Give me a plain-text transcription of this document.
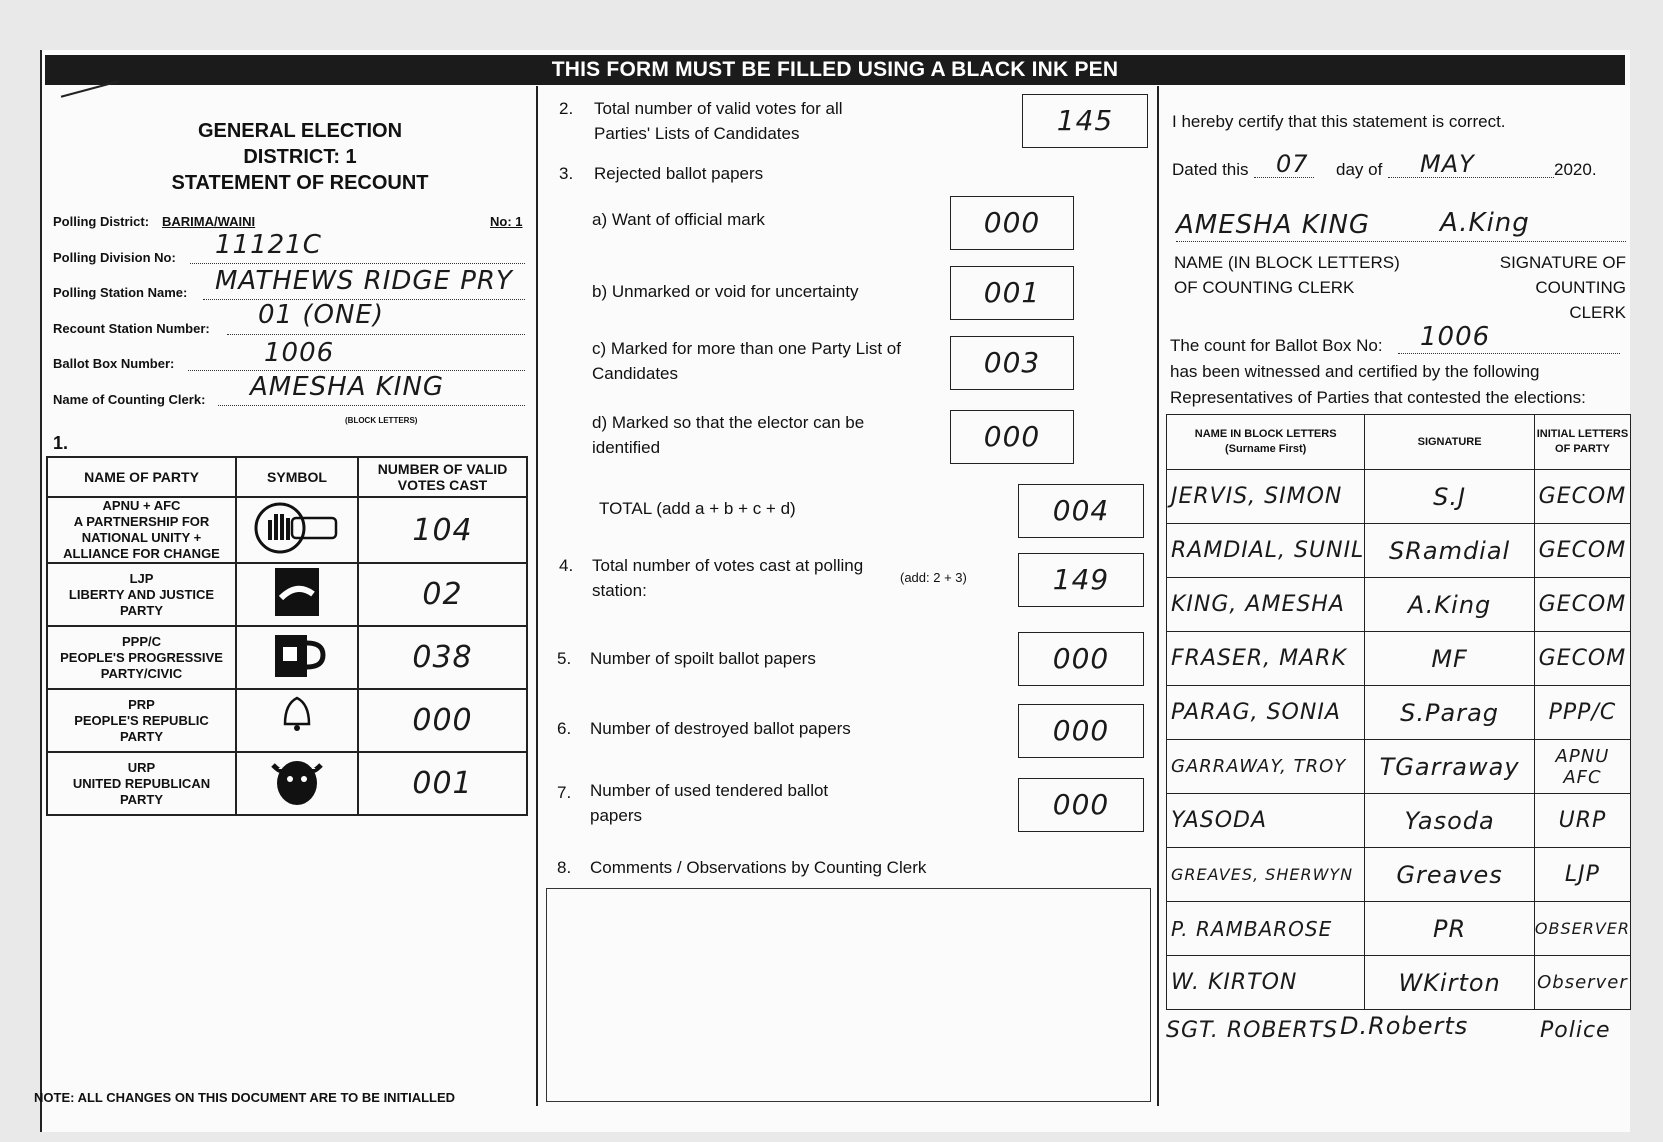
THIS FORM MUST BE FILLED USING A BLACK INK PEN
GENERAL ELECTION
DISTRICT: 1
STATEMENT OF RECOUNT
Polling District: BARIMA/WAINI	No: 1
Polling Division No: 11121C
Polling Station Name: MATHEWS RIDGE PRY
Recount Station Number: 01 (ONE)
Ballot Box Number:	1006
Name of Counting Clerk: AMESHA KING
(BLOCK LETTERS)
1.
NAME OF PARTY	SYMBOL	NUMBER OF VALID VOTES CAST
APNU + AFC
A PARTNERSHIP FOR
NATIONAL UNITY +
ALLIANCE FOR CHANGE		104
LJP
LIBERTY AND JUSTICE
PARTY		02
PPP/C
PEOPLE'S PROGRESSIVE
PARTY/CIVIC		038
PRP
PEOPLE'S REPUBLIC
PARTY		000
URP
UNITED REPUBLICAN
PARTY		001
NOTE: ALL CHANGES ON THIS DOCUMENT ARE TO BE INITIALLED
2. Total number of valid votes for all
Parties' Lists of Candidates	145
3. Rejected ballot papers
a) Want of official mark	000
b) Unmarked or void for uncertainty	001
c) Marked for more than one Party List of
Candidates	003
d) Marked so that the elector can be
identified	000
TOTAL (add a + b + c + d)	004
4. Total number of votes cast at polling
station:
(add: 2 + 3)	149
5. Number of spoilt ballot papers	000
6. Number of destroyed ballot papers	000
7. Number of used tendered ballot
papers	000
8. Comments / Observations by Counting Clerk
I hereby certify that this statement is correct.
Dated this 07 day of MAY	2020.
AMESHA KING	A.King
NAME (IN BLOCK LETTERS)
OF COUNTING CLERK
SIGNATURE OF COUNTING
CLERK
The count for Ballot Box No: 1006
has been witnessed and certified by the following
Representatives of Parties that contested the elections:
NAME IN BLOCK LETTERS
(Surname First)	SIGNATURE	INITIAL LETTERS
OF PARTY
JERVIS, SIMON	S.J	GECOM
RAMDIAL, SUNIL	SRamdial	GECOM
KING, AMESHA	A.King	GECOM
FRASER, MARK	MF	GECOM
PARAG, SONIA	S.Parag	PPP/C
GARRAWAY, TROY	TGarraway	APNU AFC
YASODA	Yasoda	URP
GREAVES, SHERWYN	Greaves	LJP
P. RAMBAROSE	PR	OBSERVER
W. KIRTON	WKirton	Observer
SGT. ROBERTS D.Roberts	Police
